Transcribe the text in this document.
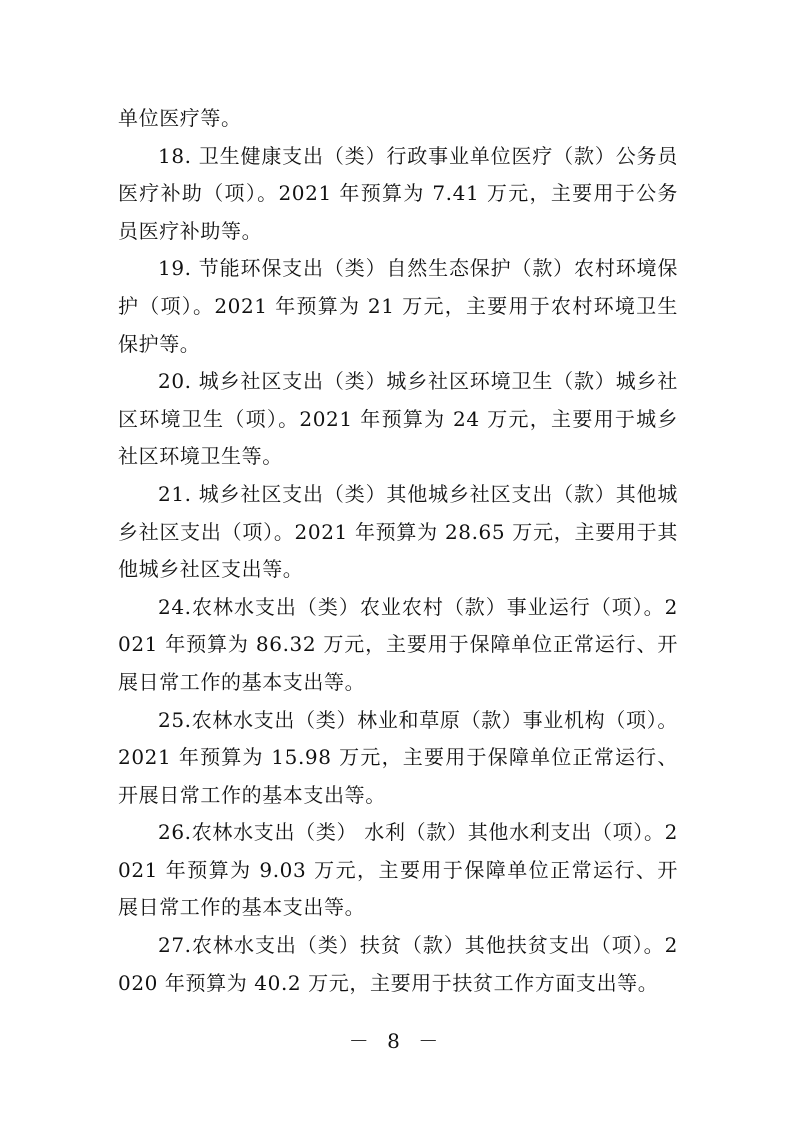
单位医疗等。

18. 卫生健康支出（类）行政事业单位医疗（款）公务员医疗补助（项）。2021 年预算为 7.41 万元，主要用于公务员医疗补助等。

19. 节能环保支出（类）自然生态保护（款）农村环境保护（项）。2021 年预算为 21 万元，主要用于农村环境卫生保护等。

20. 城乡社区支出（类）城乡社区环境卫生（款）城乡社区环境卫生（项）。2021 年预算为 24 万元，主要用于城乡社区环境卫生等。

21. 城乡社区支出（类）其他城乡社区支出（款）其他城乡社区支出（项）。2021 年预算为 28.65 万元，主要用于其他城乡社区支出等。

24.农林水支出（类）农业农村（款）事业运行（项）。2021 年预算为 86.32 万元，主要用于保障单位正常运行、开展日常工作的基本支出等。

25.农林水支出（类）林业和草原（款）事业机构（项）。2021 年预算为 15.98 万元，主要用于保障单位正常运行、开展日常工作的基本支出等。

26.农林水支出（类） 水利（款）其他水利支出（项）。2021 年预算为 9.03 万元，主要用于保障单位正常运行、开展日常工作的基本支出等。

27.农林水支出（类）扶贫（款）其他扶贫支出（项）。2020 年预算为 40.2 万元，主要用于扶贫工作方面支出等。

－ 8 －
